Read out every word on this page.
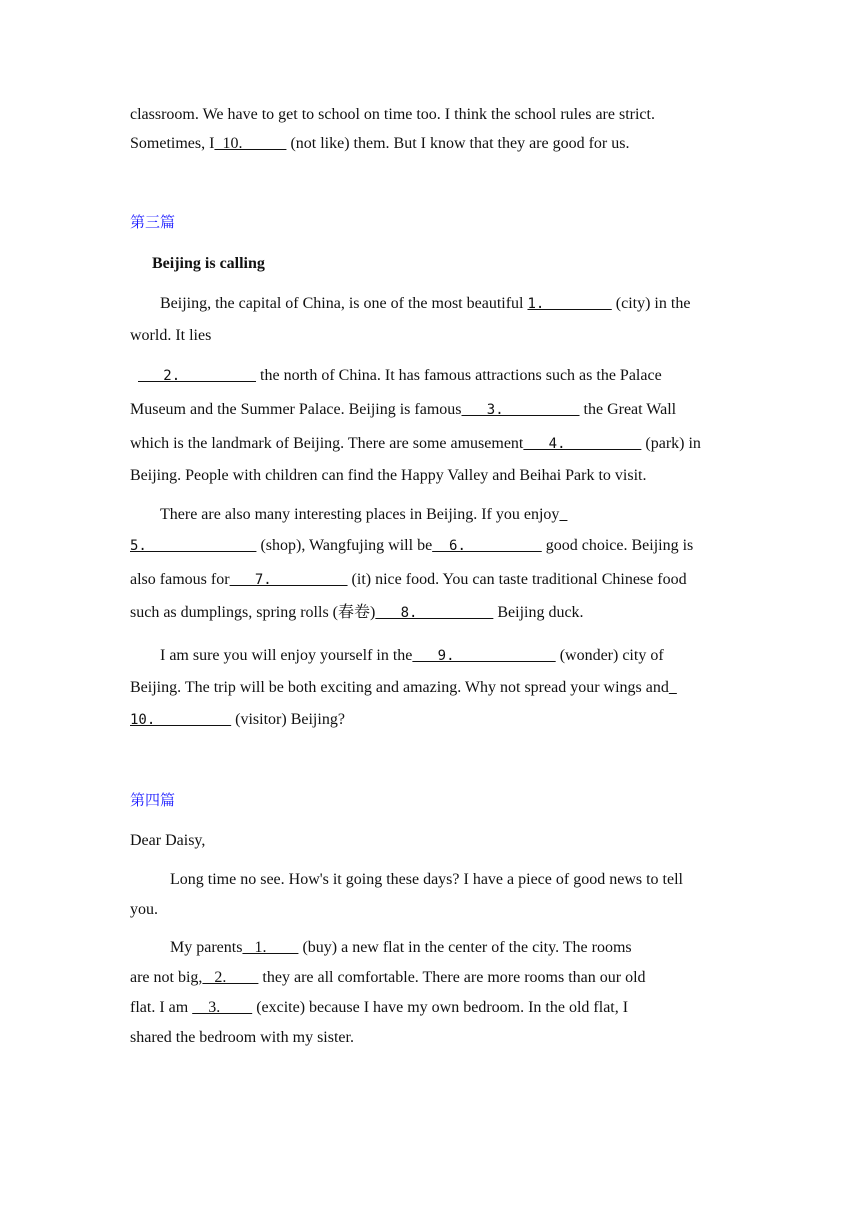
classroom. We have to get to school on time too. I think the school rules are strict.
Sometimes, I  10.            (not like) them. But I know that they are good for us.
第三篇
Beijing is calling
Beijing, the capital of China, is one of the most beautiful 1.         (city) in the
world. It lies
2.          the north of China. It has famous attractions such as the Palace
Museum and the Summer Palace. Beijing is famous   3.          the Great Wall
which is the landmark of Beijing. There are some amusement   4.          (park) in
Beijing. People with children can find the Happy Valley and Beihai Park to visit.
There are also many interesting places in Beijing. If you enjoy
5.              (shop), Wangfujing will be  6.          good choice. Beijing is
also famous for   7.          (it) nice food. You can taste traditional Chinese food
such as dumplings, spring rolls (春卷)   8.          Beijing duck.
I am sure you will enjoy yourself in the   9.             (wonder) city of
Beijing. The trip will be both exciting and amazing. Why not spread your wings and
10.          (visitor) Beijing?
第四篇
Dear Daisy,
Long time no see. How's it going these days? I have a piece of good news to tell
you.
My parents   1.         (buy) a new flat in the center of the city. The rooms
are not big,   2.         they are all comfortable. There are more rooms than our old
flat. I am     3.         (excite) because I have my own bedroom. In the old flat, I
shared the bedroom with my sister.
